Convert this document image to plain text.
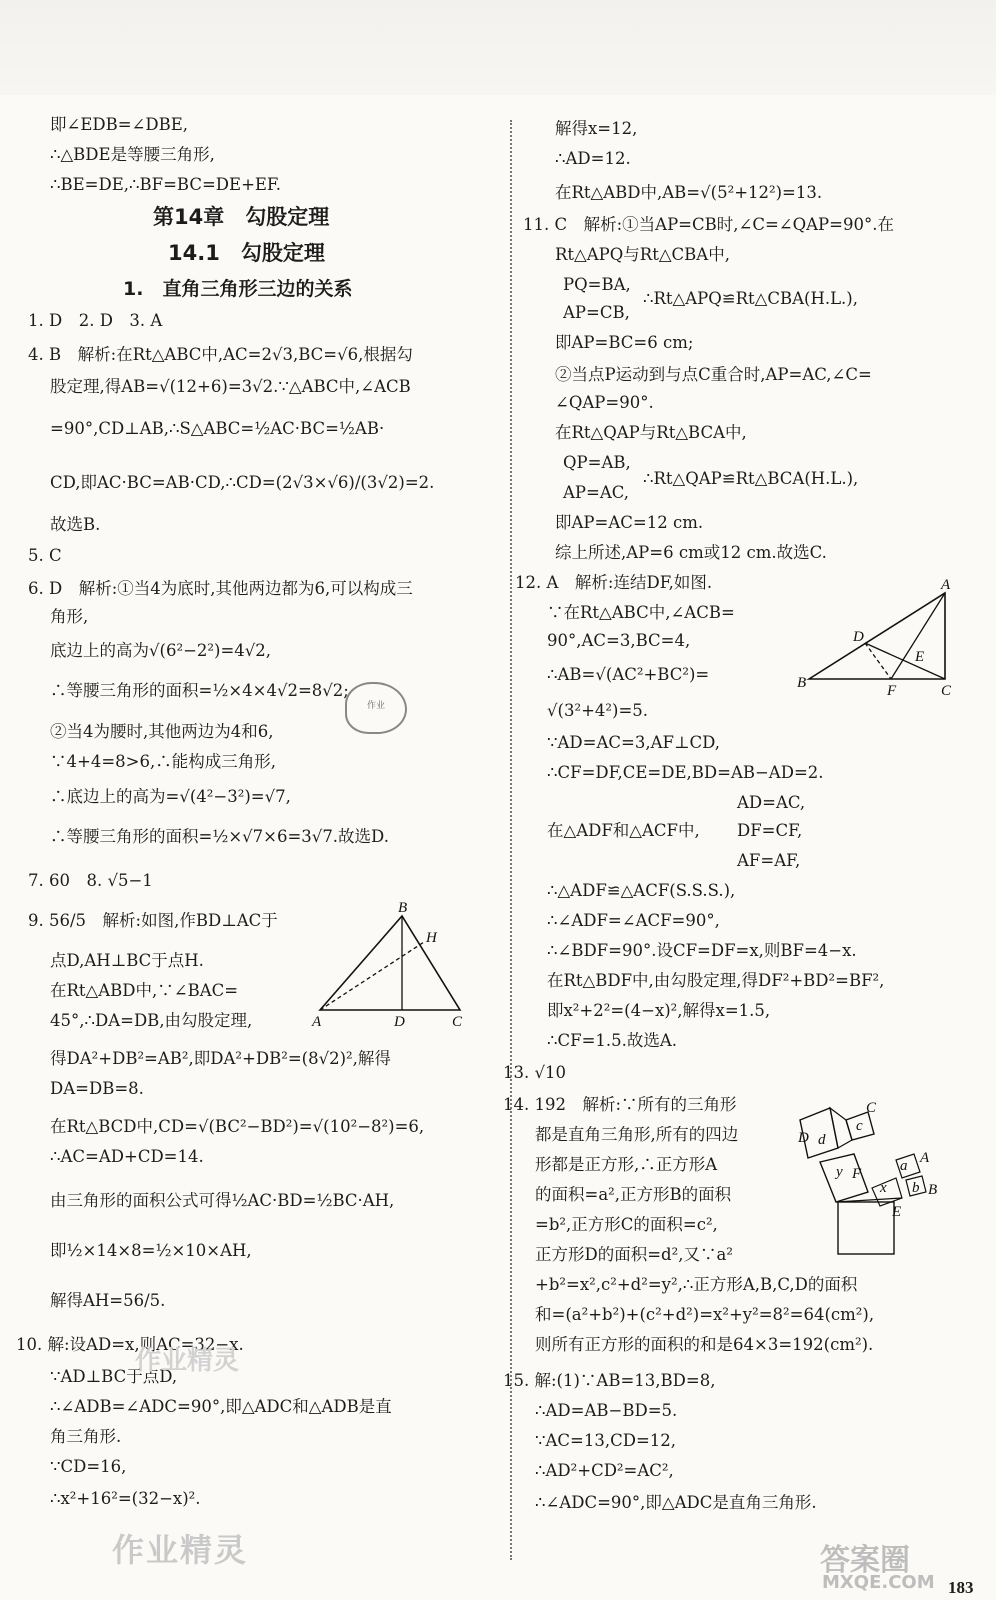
即∠EDB=∠DBE,
∴△BDE是等腰三角形,
∴BE=DE,∴BF=BC=DE+EF.
第14章　勾股定理
14.1　勾股定理
1.　直角三角形三边的关系
1. D　2. D　3. A
4. B　解析:在Rt△ABC中,AC=2√3,BC=√6,根据勾
股定理,得AB=√(12+6)=3√2.∵△ABC中,∠ACB
=90°,CD⊥AB,∴S△ABC=½AC·BC=½AB·
CD,即AC·BC=AB·CD,∴CD=(2√3×√6)/(3√2)=2.
故选B.
5. C
6. D　解析:①当4为底时,其他两边都为6,可以构成三
角形,
底边上的高为√(6²−2²)=4√2,
∴等腰三角形的面积=½×4×4√2=8√2;
②当4为腰时,其他两边为4和6,
∵4+4=8>6,∴能构成三角形,
∴底边上的高为=√(4²−3²)=√7,
∴等腰三角形的面积=½×√7×6=3√7.故选D.
7. 60　8. √5−1
9. 56/5　解析:如图,作BD⊥AC于
点D,AH⊥BC于点H.
在Rt△ABD中,∵∠BAC=
45°,∴DA=DB,由勾股定理,
得DA²+DB²=AB²,即DA²+DB²=(8√2)²,解得
DA=DB=8.
在Rt△BCD中,CD=√(BC²−BD²)=√(10²−8²)=6,
∴AC=AD+CD=14.
由三角形的面积公式可得½AC·BD=½BC·AH,
即½×14×8=½×10×AH,
解得AH=56/5.
10. 解:设AD=x,则AC=32−x.
∵AD⊥BC于点D,
∴∠ADB=∠ADC=90°,即△ADC和△ADB是直
角三角形.
∵CD=16,
∴x²+16²=(32−x)².
解得x=12,
∴AD=12.
在Rt△ABD中,AB=√(5²+12²)=13.
11. C　解析:①当AP=CB时,∠C=∠QAP=90°.在
Rt△APQ与Rt△CBA中,
PQ=BA,
AP=CB,
∴Rt△APQ≌Rt△CBA(H.L.),
即AP=BC=6 cm;
②当点P运动到与点C重合时,AP=AC,∠C=
∠QAP=90°.
在Rt△QAP与Rt△BCA中,
QP=AB,
AP=AC,
∴Rt△QAP≌Rt△BCA(H.L.),
即AP=AC=12 cm.
综上所述,AP=6 cm或12 cm.故选C.
12. A　解析:连结DF,如图.
∵在Rt△ABC中,∠ACB=
90°,AC=3,BC=4,
∴AB=√(AC²+BC²)=
√(3²+4²)=5.
∵AD=AC=3,AF⊥CD,
∴CF=DF,CE=DE,BD=AB−AD=2.
AD=AC,
在△ADF和△ACF中, DF=CF,
AF=AF,
∴△ADF≌△ACF(S.S.S.),
∴∠ADF=∠ACF=90°,
∴∠BDF=90°.设CF=DF=x,则BF=4−x.
在Rt△BDF中,由勾股定理,得DF²+BD²=BF²,
即x²+2²=(4−x)²,解得x=1.5,
∴CF=1.5.故选A.
13. √10
14. 192　解析:∵所有的三角形
都是直角三角形,所有的四边
形都是正方形,∴正方形A
的面积=a²,正方形B的面积
=b²,正方形C的面积=c²,
正方形D的面积=d²,又∵a²
+b²=x²,c²+d²=y²,∴正方形A,B,C,D的面积
和=(a²+b²)+(c²+d²)=x²+y²=8²=64(cm²),
则所有正方形的面积的和是64×3=192(cm²).
15. 解:(1)∵AB=13,BD=8,
∴AD=AB−BD=5.
∵AC=13,CD=12,
∴AD²+CD²=AC²,
∴∠ADC=90°,即△ADC是直角三角形.
B
H
A	D	C
A
D
E
B	F	C
C
c
D d
y F	a A
x b B
E
作业
作业精灵
作业精灵	答案圈
MXQE.COM 183
